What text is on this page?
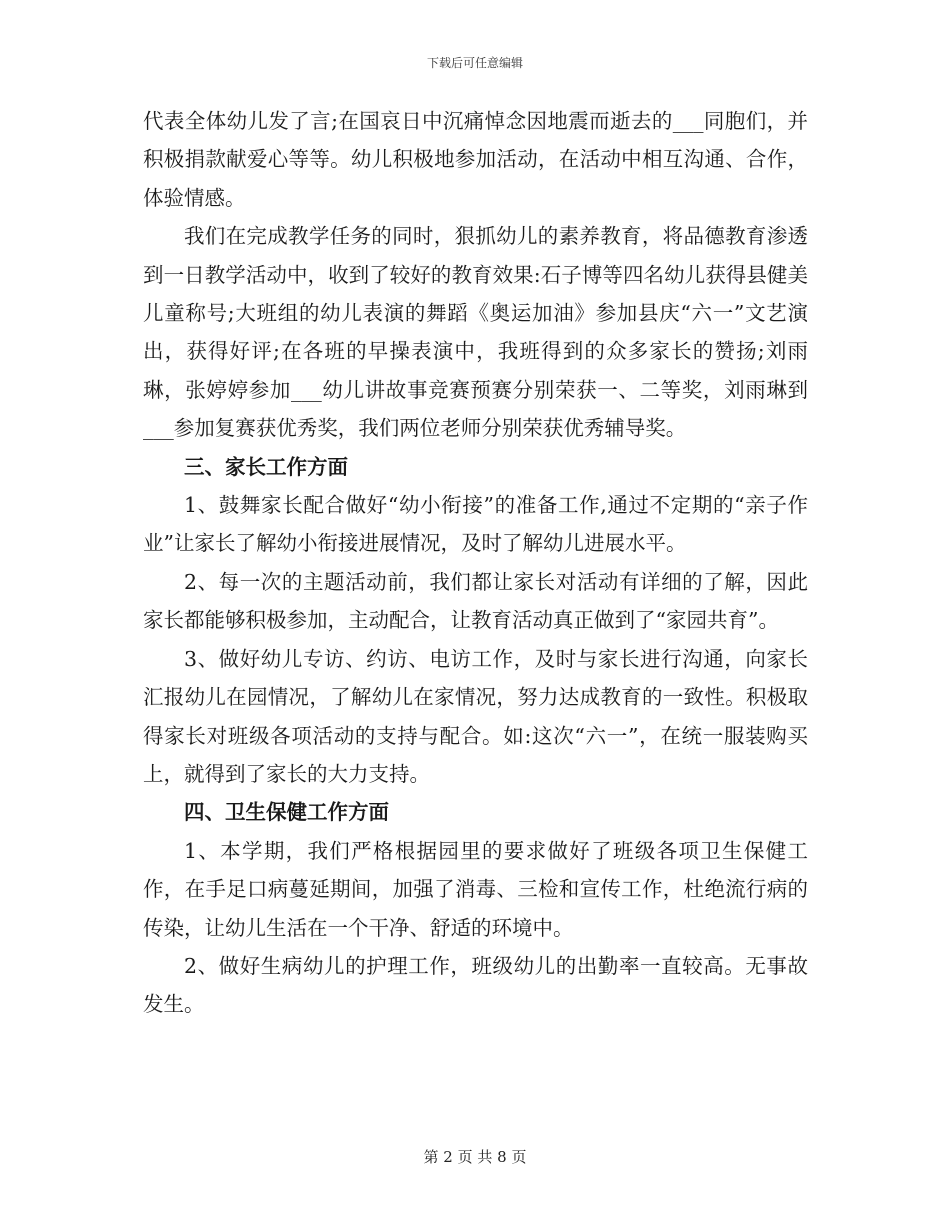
下载后可任意编辑

代表全体幼儿发了言;在国哀日中沉痛悼念因地震而逝去的___同胞们，并积极捐款献爱心等等。幼儿积极地参加活动，在活动中相互沟通、合作，体验情感。

我们在完成教学任务的同时，狠抓幼儿的素养教育，将品德教育渗透到一日教学活动中，收到了较好的教育效果:石子博等四名幼儿获得县健美儿童称号;大班组的幼儿表演的舞蹈《奥运加油》参加县庆“六一”文艺演出，获得好评;在各班的早操表演中，我班得到的众多家长的赞扬;刘雨琳，张婷婷参加___幼儿讲故事竞赛预赛分别荣获一、二等奖，刘雨琳到___参加复赛获优秀奖，我们两位老师分别荣获优秀辅导奖。

三、家长工作方面

1、鼓舞家长配合做好“幼小衔接”的准备工作,通过不定期的“亲子作业”让家长了解幼小衔接进展情况，及时了解幼儿进展水平。

2、每一次的主题活动前，我们都让家长对活动有详细的了解，因此家长都能够积极参加，主动配合，让教育活动真正做到了“家园共育”。

3、做好幼儿专访、约访、电访工作，及时与家长进行沟通，向家长汇报幼儿在园情况，了解幼儿在家情况，努力达成教育的一致性。积极取得家长对班级各项活动的支持与配合。如:这次“六一”，在统一服装购买上，就得到了家长的大力支持。

四、卫生保健工作方面

1、本学期，我们严格根据园里的要求做好了班级各项卫生保健工作，在手足口病蔓延期间，加强了消毒、三检和宣传工作，杜绝流行病的传染，让幼儿生活在一个干净、舒适的环境中。

2、做好生病幼儿的护理工作，班级幼儿的出勤率一直较高。无事故发生。

第 2 页 共 8 页
